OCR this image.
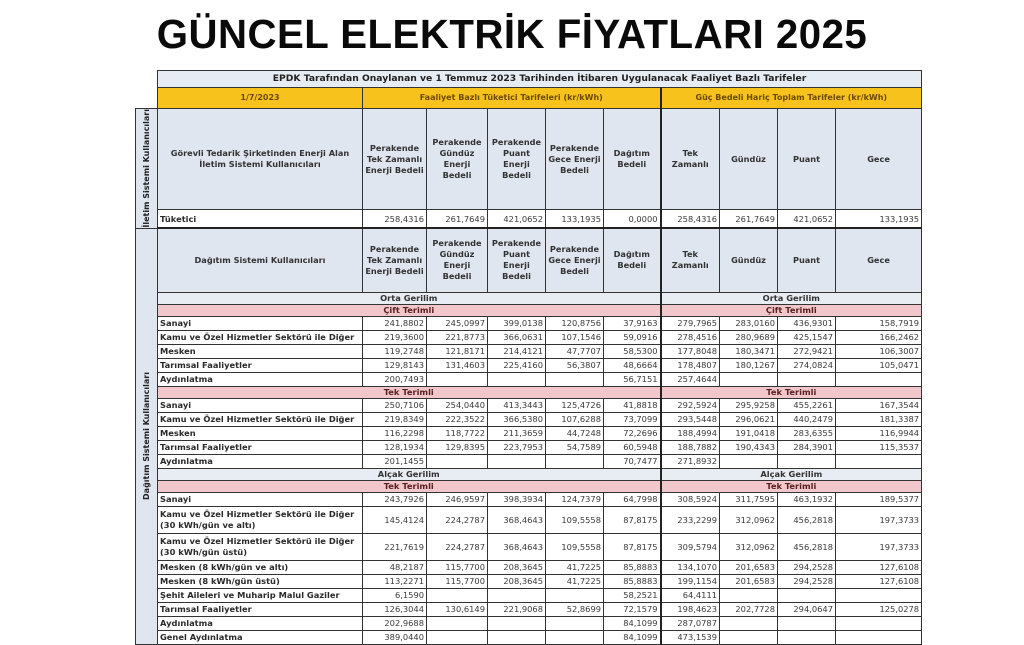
GÜNCEL ELEKTRİK FİYATLARI 2025
	EPDK Tarafından Onaylanan ve 1 Temmuz 2023 Tarihinden İtibaren Uygulanacak Faaliyet Bazlı Tarifeler									
	1/7/2023	Faaliyet Bazlı Tüketici Tarifeleri (kr/kWh)					Güç Bedeli Hariç Toplam Tarifeler (kr/kWh)			

İletim Sistemi Kullanıcıları	Görevli Tedarik Şirketinden Enerji Alan İletim Sistemi Kullanıcıları	Perakende Tek Zamanlı Enerji Bedeli	Perakende Gündüz Enerji Bedeli	Perakende Puant Enerji Bedeli	Perakende Gece Enerji Bedeli	Dağıtım Bedeli	Tek Zamanlı	Gündüz	Puant	Gece
	Tüketici	258,4316	261,7649	421,0652	133,1935	0,0000	258,4316	261,7649	421,0652	133,1935

Dağıtım Sistemi Kullanıcıları	Dağıtım Sistemi Kullanıcıları	Perakende Tek Zamanlı Enerji Bedeli	Perakende Gündüz Enerji Bedeli	Perakende Puant Enerji Bedeli	Perakende Gece Enerji Bedeli	Dağıtım Bedeli	Tek Zamanlı	Gündüz	Puant	Gece
	Orta Gerilim						Orta Gerilim			
	Çift Terimli						Çift Terimli			
	Sanayi	241,8802	245,0997	399,0138	120,8756	37,9163	279,7965	283,0160	436,9301	158,7919
	Kamu ve Özel Hizmetler Sektörü ile Diğer	219,3600	221,8773	366,0631	107,1546	59,0916	278,4516	280,9689	425,1547	166,2462
	Mesken	119,2748	121,8171	214,4121	47,7707	58,5300	177,8048	180,3471	272,9421	106,3007
	Tarımsal Faaliyetler	129,8143	131,4603	225,4160	56,3807	48,6664	178,4807	180,1267	274,0824	105,0471
	Aydınlatma	200,7493				56,7151	257,4644			
	Tek Terimli						Tek Terimli			
	Sanayi	250,7106	254,0440	413,3443	125,4726	41,8818	292,5924	295,9258	455,2261	167,3544
	Kamu ve Özel Hizmetler Sektörü ile Diğer	219,8349	222,3522	366,5380	107,6288	73,7099	293,5448	296,0621	440,2479	181,3387
	Mesken	116,2298	118,7722	211,3659	44,7248	72,2696	188,4994	191,0418	283,6355	116,9944
	Tarımsal Faaliyetler	128,1934	129,8395	223,7953	54,7589	60,5948	188,7882	190,4343	284,3901	115,3537
	Aydınlatma	201,1455				70,7477	271,8932			
	Alçak Gerilim						Alçak Gerilim			
	Tek Terimli						Tek Terimli			
	Sanayi	243,7926	246,9597	398,3934	124,7379	64,7998	308,5924	311,7595	463,1932	189,5377
	Kamu ve Özel Hizmetler Sektörü ile Diğer (30 kWh/gün ve altı)	145,4124	224,2787	368,4643	109,5558	87,8175	233,2299	312,0962	456,2818	197,3733
	Kamu ve Özel Hizmetler Sektörü ile Diğer (30 kWh/gün üstü)	221,7619	224,2787	368,4643	109,5558	87,8175	309,5794	312,0962	456,2818	197,3733
	Mesken (8 kWh/gün ve altı)	48,2187	115,7700	208,3645	41,7225	85,8883	134,1070	201,6583	294,2528	127,6108
	Mesken (8 kWh/gün üstü)	113,2271	115,7700	208,3645	41,7225	85,8883	199,1154	201,6583	294,2528	127,6108
	Şehit Aileleri ve Muharip Malul Gaziler	6,1590				58,2521	64,4111			
	Tarımsal Faaliyetler	126,3044	130,6149	221,9068	52,8699	72,1579	198,4623	202,7728	294,0647	125,0278
	Aydınlatma	202,9688				84,1099	287,0787			
	Genel Aydınlatma	389,0440				84,1099	473,1539			
